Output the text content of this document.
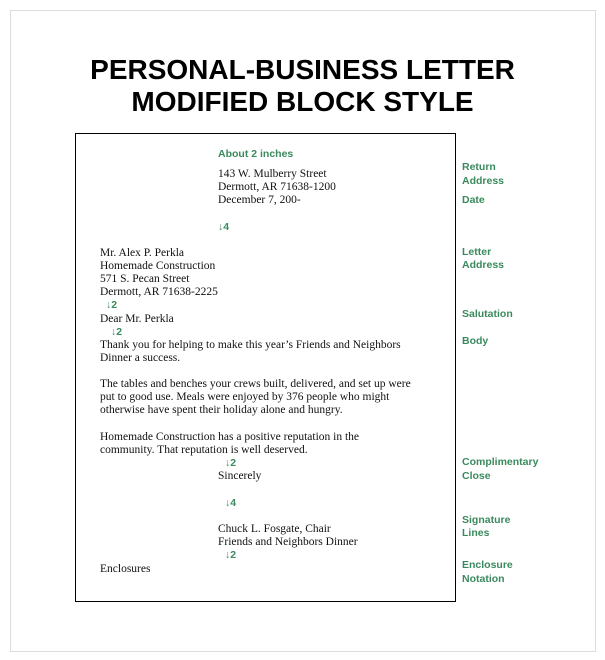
PERSONAL-BUSINESS LETTER
MODIFIED BLOCK STYLE
About 2 inches
143 W. Mulberry Street
Dermott, AR 71638-1200
December 7, 200-
↓4
Mr. Alex P. Perkla
Homemade Construction
571 S. Pecan Street
Dermott, AR 71638-2225
↓2
Dear Mr. Perkla
↓2
Thank you for helping to make this year’s Friends and Neighbors
Dinner a success.
The tables and benches your crews built, delivered, and set up were
put to good use. Meals were enjoyed by 376 people who might
otherwise have spent their holiday alone and hungry.
Homemade Construction has a positive reputation in the
community. That reputation is well deserved.
↓2
Sincerely
↓4
Chuck L. Fosgate, Chair
Friends and Neighbors Dinner
↓2
Enclosures
Return
Address
Date
Letter
Address
Salutation
Body
Complimentary
Close
Signature
Lines
Enclosure
Notation
